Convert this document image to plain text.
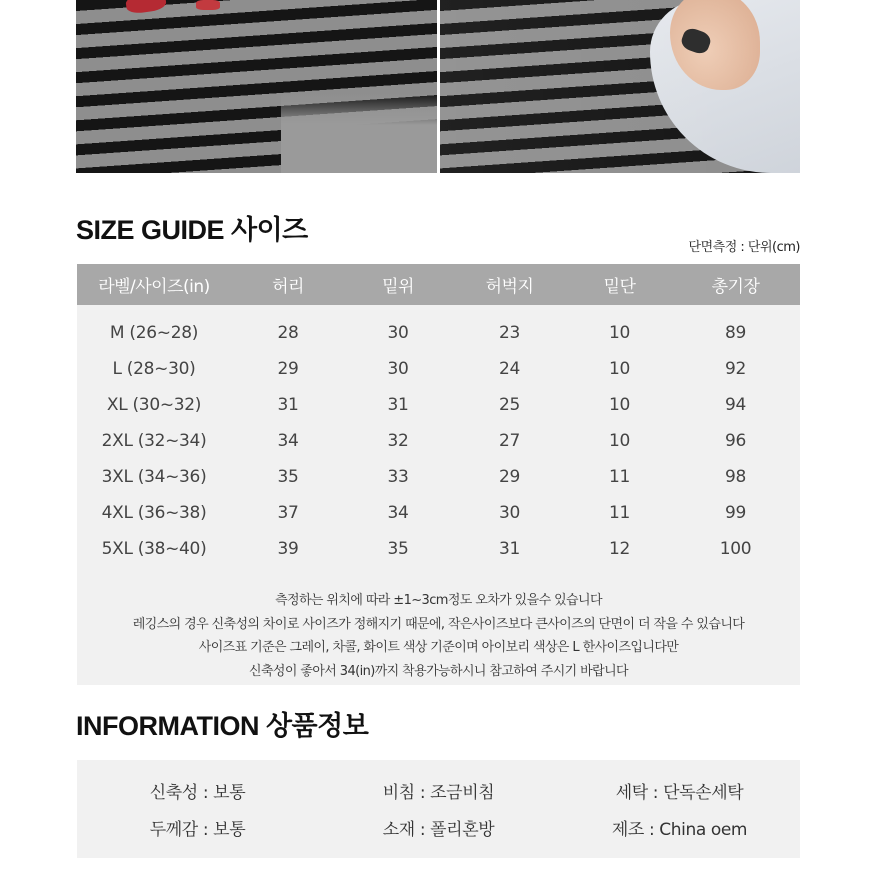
SIZE GUIDE 사이즈
단면측정 : 단위(cm)
라벨/사이즈(in)	허리	밑위	허벅지	밑단	총기장
M (26~28)	28	30	23	10	89
L (28~30)	29	30	24	10	92
XL (30~32)	31	31	25	10	94
2XL (32~34)	34	32	27	10	96
3XL (34~36)	35	33	29	11	98
4XL (36~38)	37	34	30	11	99
5XL (38~40)	39	35	31	12	100

측정하는 위치에 따라 ±1~3cm정도 오차가 있을수 있습니다

레깅스의 경우 신축성의 차이로 사이즈가 정해지기 때문에, 작은사이즈보다 큰사이즈의 단면이 더 작을 수 있습니다

사이즈표 기준은 그레이, 차콜, 화이트 색상 기준이며 아이보리 색상은 L 한사이즈입니다만

신축성이 좋아서 34(in)까지 착용가능하시니 참고하여 주시기 바랍니다

INFORMATION 상품정보
신축성 : 보통	비침 : 조금비침	세탁 : 단독손세탁
두께감 : 보통	소재 : 폴리혼방	제조 : China oem
